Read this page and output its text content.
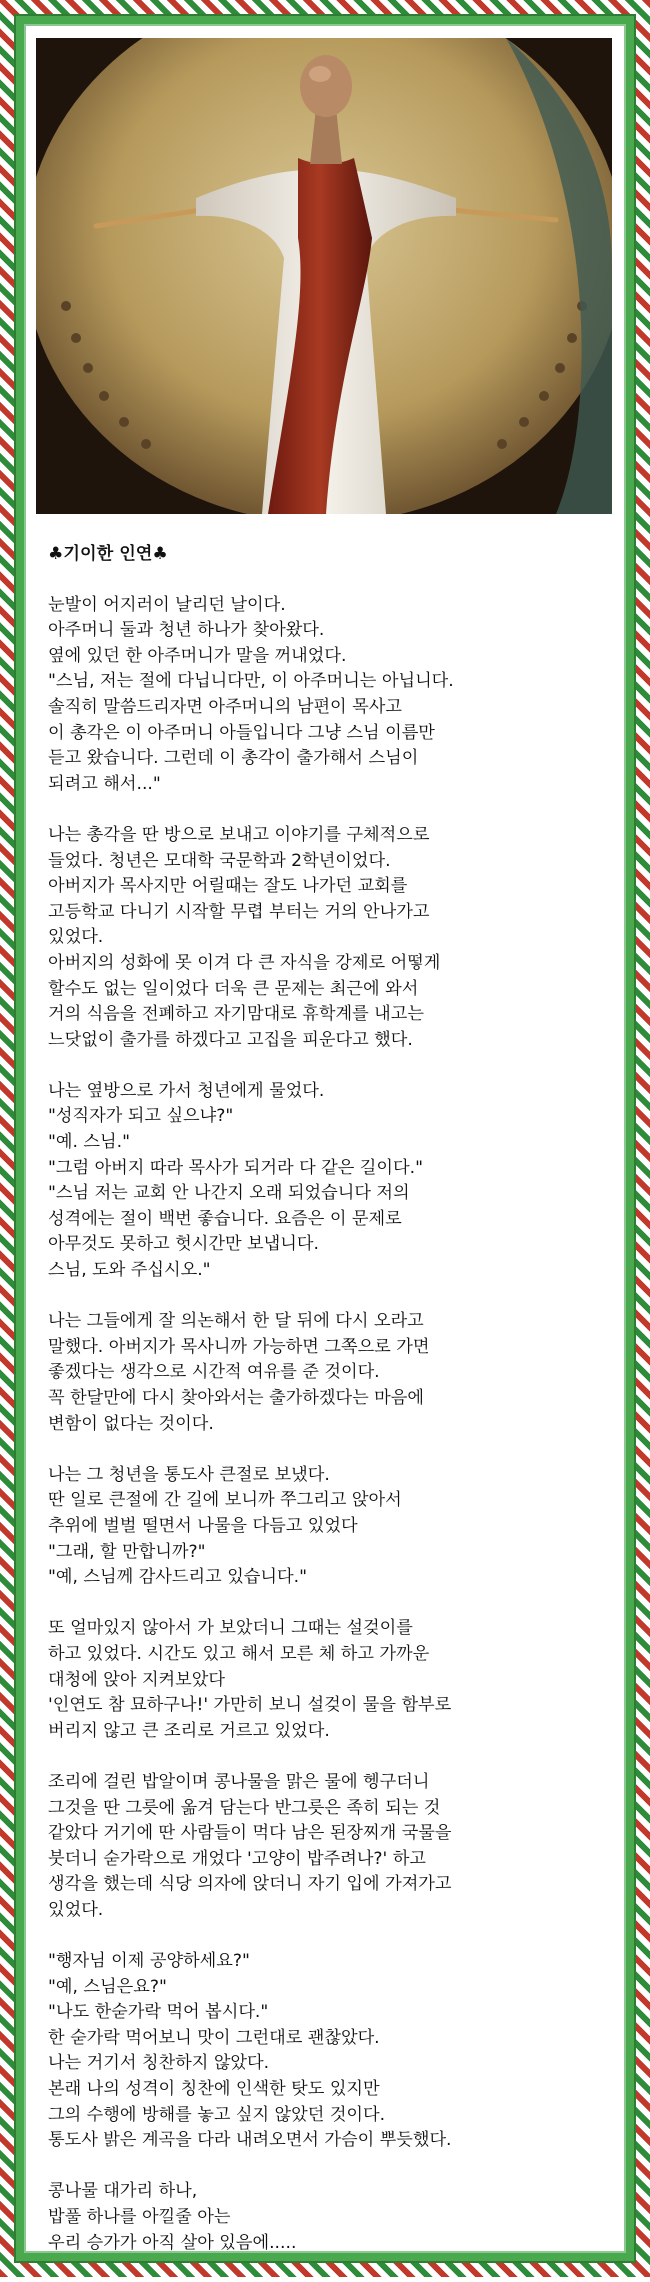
♣기이한 인연♣
눈발이 어지러이 날리던 날이다.
아주머니 둘과 청년 하나가 찾아왔다.
옆에 있던 한 아주머니가 말을 꺼내었다.
"스님, 저는 절에 다닙니다만, 이 아주머니는 아닙니다.
솔직히 말씀드리자면 아주머니의 남편이 목사고
이 총각은 이 아주머니 아들입니다 그냥 스님 이름만
듣고 왔습니다. 그런데 이 총각이 출가해서 스님이
되려고 해서..."
나는 총각을 딴 방으로 보내고 이야기를 구체적으로
들었다. 청년은 모대학 국문학과 2학년이었다.
아버지가 목사지만 어릴때는 잘도 나가던 교회를
고등학교 다니기 시작할 무렵 부터는 거의 안나가고
있었다.
아버지의 성화에 못 이겨 다 큰 자식을 강제로 어떻게
할수도 없는 일이었다 더욱 큰 문제는 최근에 와서
거의 식음을 전폐하고 자기맘대로 휴학계를 내고는
느닷없이 출가를 하겠다고 고집을 피운다고 했다.
나는 옆방으로 가서 청년에게 물었다.
"성직자가 되고 싶으냐?"
"예. 스님."
"그럼 아버지 따라 목사가 되거라 다 같은 길이다."
"스님 저는 교회 안 나간지 오래 되었습니다 저의
성격에는 절이 백번 좋습니다. 요즘은 이 문제로
아무것도 못하고 헛시간만 보냅니다.
스님, 도와 주십시오."
나는 그들에게 잘 의논해서 한 달 뒤에 다시 오라고
말했다. 아버지가 목사니까 가능하면 그쪽으로 가면
좋겠다는 생각으로 시간적 여유를 준 것이다.
꼭 한달만에 다시 찾아와서는 출가하겠다는 마음에
변함이 없다는 것이다.
나는 그 청년을 통도사 큰절로 보냈다.
딴 일로 큰절에 간 길에 보니까 쭈그리고 앉아서
추위에 벌벌 떨면서 나물을 다듬고 있었다
"그래, 할 만합니까?"
"예, 스님께 감사드리고 있습니다."
또 얼마있지 않아서 가 보았더니 그때는 설겆이를
하고 있었다. 시간도 있고 해서 모른 체 하고 가까운
대청에 앉아 지켜보았다
'인연도 참 묘하구나!' 가만히 보니 설겆이 물을 함부로
버리지 않고 큰 조리로 거르고 있었다.
조리에 걸린 밥알이며 콩나물을 맑은 물에 헹구더니
그것을 딴 그릇에 옮겨 담는다 반그릇은 족히 되는 것
같았다 거기에 딴 사람들이 먹다 남은 된장찌개 국물을
붓더니 숟가락으로 개었다 '고양이 밥주려나?' 하고
생각을 했는데 식당 의자에 앉더니 자기 입에 가져가고
있었다.
"행자님 이제 공양하세요?"
"예, 스님은요?"
"나도 한숟가락 먹어 봅시다."
한 숟가락 먹어보니 맛이 그런대로 괜찮았다.
나는 거기서 칭찬하지 않았다.
본래 나의 성격이 칭찬에 인색한 탓도 있지만
그의 수행에 방해를 놓고 싶지 않았던 것이다.
통도사 밝은 계곡을 다라 내려오면서 가슴이 뿌듯했다.
콩나물 대가리 하나,
밥풀 하나를 아낄줄 아는
우리 승가가 아직 살아 있음에.....
